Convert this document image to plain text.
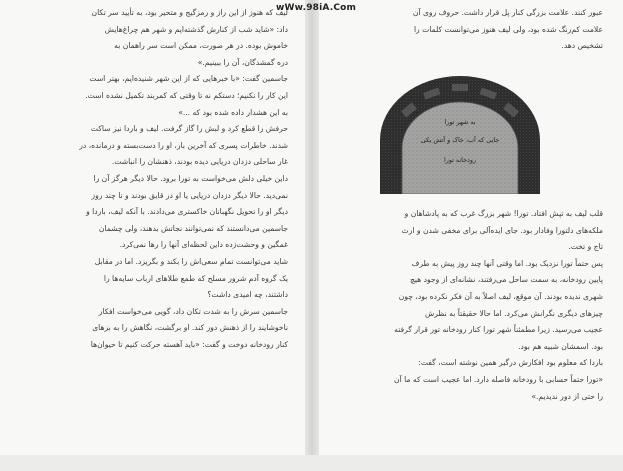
wWw.98iA.Com

لیف که هنوز از این راز و رمزگیج و متحیر بود، به تأیید سر تکان

داد: «شاید شب از کنارش گذشته‌ایم و شهر هم چراغ‌هایش

خاموش بوده. در هر صورت، ممکن است سر راهمان به

دره گمشدگان، آن را ببینیم.»

جاسمین گفت: «با خبرهایی که از این شهر شنیده‌ایم، بهتر است

این کار را نکنیم؛ دستکم نه تا وقتی که کمربند تکمیل نشده است.

به‌ این هشدار داده شده بود که ...»

حرفش را قطع کرد و لبش را گاز گرفت. لیف و باردا نیز ساکت

شدند. خاطرات پسری که آخرین بار، او را دست‌بسته و درمانده، در

غار ساحلی دزدان دریایی دیده بودند، ذهنشان را انباشت.

داین خیلی دلش می‌خواست به تورا برود. حالا دیگر هرگز آن را

نمی‌دید. حالا دیگر دزدان دریایی یا او در قایق بودند و تا چند روز

دیگر او را تحویل نگهبانان خاکستری می‌دادند. با آنکه لیف، باردا و

جاسمین می‌دانستند که نمی‌توانند نجاتش بدهند، ولی چشمان

غمگین و وحشت‌زده داین لحظه‌ای آنها را رها نمی‌کرد.

شاید می‌توانست تمام سعی‌اش را بکند و بگریزد. اما در مقابل

یک گروه آدم شرور مسلح که طمع طلاهای ارباب سایه‌ها را

داشتند، چه امیدی داشت؟

جاسمین سرش را به شدت تکان داد، گویی می‌خواست افکار

ناخوشایند را از ذهنش دور کند. او برگشت، نگاهش را به بزهای

کنار رودخانه دوخت و گفت: «باید آهسته حرکت کنیم تا حیوان‌ها

عبور کنند. علامت بزرگی کنار پل قرار داشت. حروف روی آن

علامت کم‌رنگ شده بود، ولی لیف هنوز می‌توانست کلمات را

تشخیص دهد.

به شهر تورا
جایی که آب، خاک و آتش یکی
رودخانه تورا

قلب لیف به تپش افتاد. تورا! شهر بزرگ غرب که به پادشاهان و

ملکه‌های دلتورا وفادار بود. جای ایده‌آلی برای مخفی شدن و ارث

تاج و تخت.

پس حتماً تورا نزدیک بود. اما وقتی آنها چند روز پیش به طرف

پایین رودخانه، به سمت ساحل می‌رفتند، نشانه‌ای از وجود هیچ

شهری ندیده بودند. آن موقع، لیف اصلاً به آن فکر نکرده بود، چون

چیزهای دیگری نگرانش می‌کرد. اما حالا حقیقتاً به نظرش

عجیب می‌رسید. زیرا مطمئناً شهر تورا کنار رودخانه تور قرار گرفته

بود. اسمشان شبیه هم بود.

باردا که معلوم بود افکارش درگیر همین نوشته است، گفت:

«تورا حتماً حسابی با رودخانه فاصله دارد. اما عجیب است که ما آن

را حتی از دور ندیدیم.»
